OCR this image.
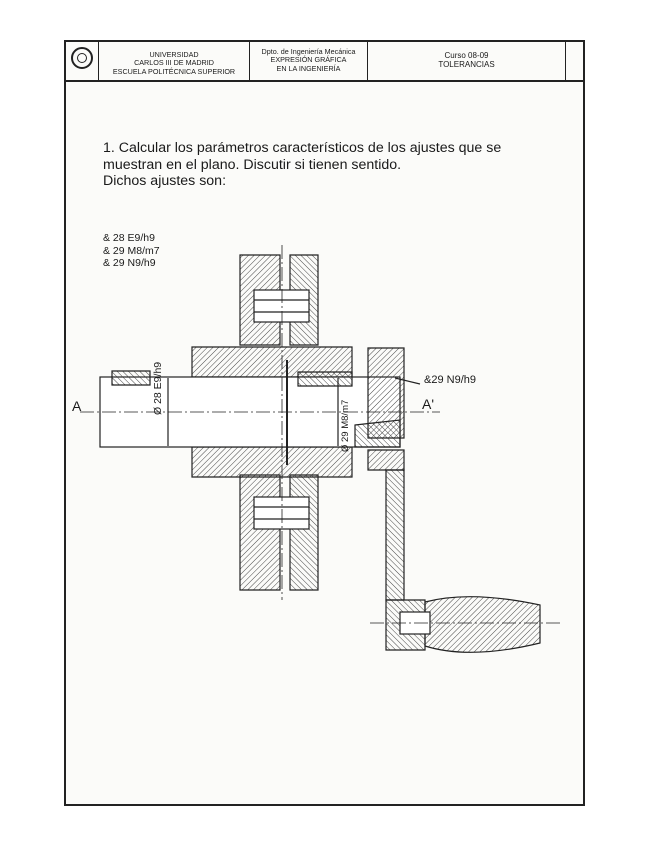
UNIVERSIDAD
CARLOS III DE MADRID
ESCUELA POLITÉCNICA SUPERIOR
Dpto. de Ingeniería Mecánica
EXPRESIÓN GRÁFICA
EN LA INGENIERÍA
Curso 08-09
TOLERANCIAS
1. Calcular los parámetros característicos de los ajustes que se
muestran en el plano. Discutir si tienen sentido.
Dichos ajustes son:
& 28 E9/h9
& 29 M8/m7
& 29 N9/h9
Ø 28 E9/h9
Ø 29 M8/m7
&29 N9/h9
A	A'
